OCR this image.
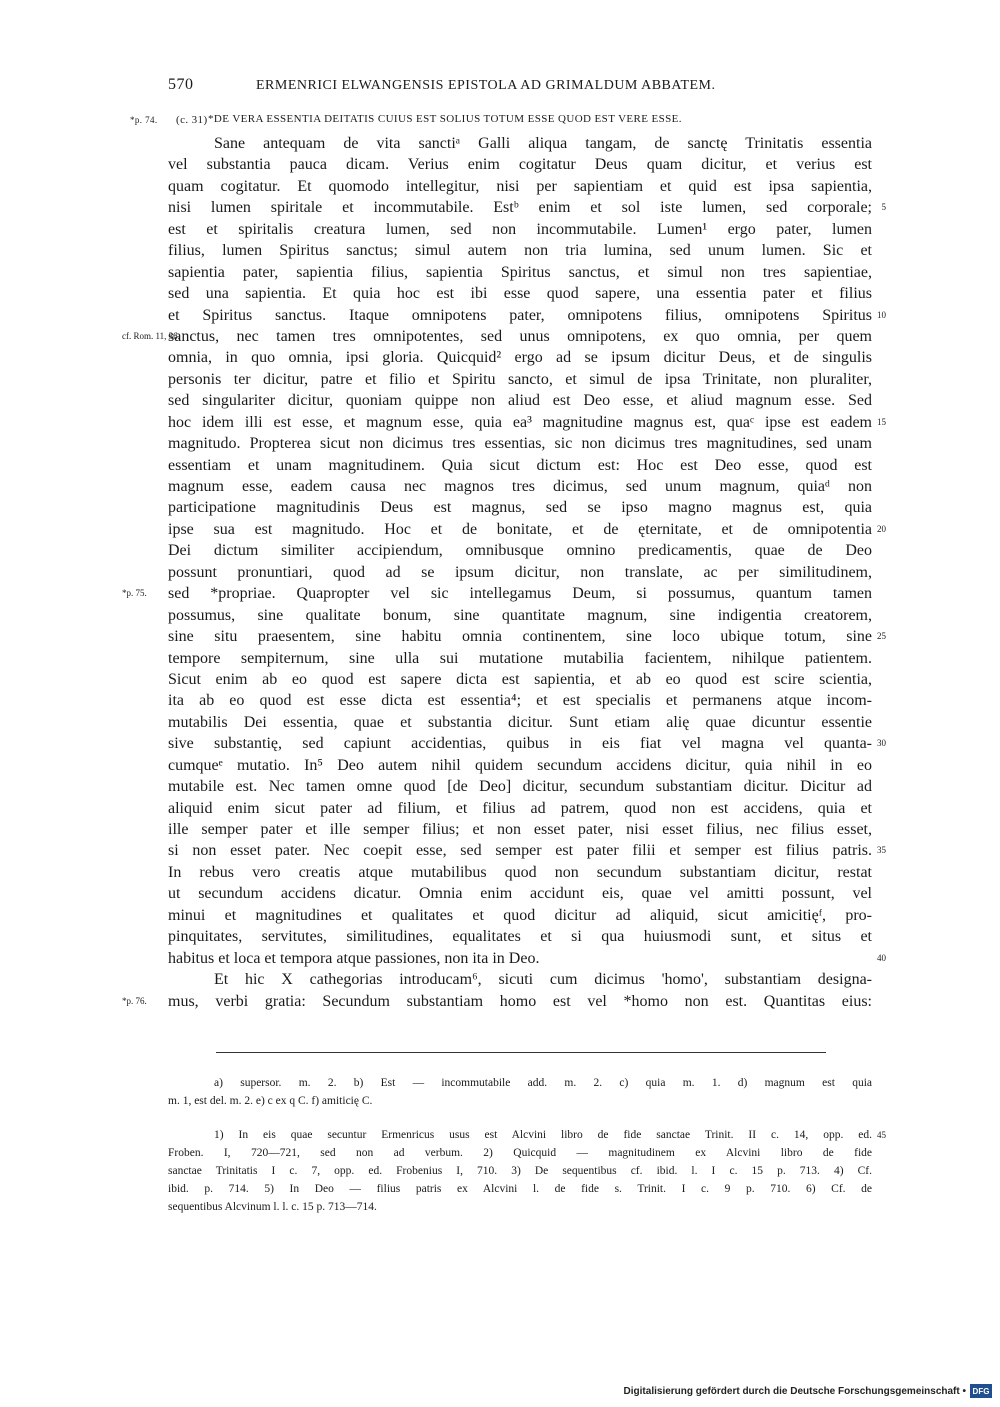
570	ERMENRICI ELWANGENSIS EPISTOLA AD GRIMALDUM ABBATEM.
*p. 74. (c. 31) *DE VERA ESSENTIA DEITATIS CUIUS EST SOLIUS TOTUM ESSE QUOD EST VERE ESSE.
Sane antequam de vita sanctiᵃ Galli aliqua tangam, de sanctę Trinitatis essentia
vel substantia pauca dicam. Verius enim cogitatur Deus quam dicitur, et verius est
quam cogitatur. Et quomodo intellegitur, nisi per sapientiam et quid est ipsa sapientia,
nisi lumen spiritale et incommutabile. Estᵇ enim et sol iste lumen, sed corporale;	5
est et spiritalis creatura lumen, sed non incommutabile. Lumen¹ ergo pater, lumen
filius, lumen Spiritus sanctus; simul autem non tria lumina, sed unum lumen. Sic et
sapientia pater, sapientia filius, sapientia Spiritus sanctus, et simul non tres sapientiae,
sed una sapientia. Et quia hoc est ibi esse quod sapere, una essentia pater et filius
et Spiritus sanctus. Itaque omnipotens pater, omnipotens filius, omnipotens Spiritus 10
sanctus, nec tamen tres omnipotentes, sed unus omnipotens, ex quo omnia, per quem
cf. Rom. 11, 36.
omnia, in quo omnia, ipsi gloria. Quicquid² ergo ad se ipsum dicitur Deus, et de singulis
personis ter dicitur, patre et filio et Spiritu sancto, et simul de ipsa Trinitate, non pluraliter,
sed singulariter dicitur, quoniam quippe non aliud est Deo esse, et aliud magnum esse. Sed
hoc idem illi est esse, et magnum esse, quia ea³ magnitudine magnus est, quaᶜ ipse est eadem 15
magnitudo. Propterea sicut non dicimus tres essentias, sic non dicimus tres magnitudines, sed unam
essentiam et unam magnitudinem. Quia sicut dictum est: Hoc est Deo esse, quod est
magnum esse, eadem causa nec magnos tres dicimus, sed unum magnum, quiaᵈ non
participatione magnitudinis Deus est magnus, sed se ipso magno magnus est, quia
ipse sua est magnitudo. Hoc et de bonitate, et de ęternitate, et de omnipotentia 20
Dei dictum similiter accipiendum, omnibusque omnino predicamentis, quae de Deo
possunt pronuntiari, quod ad se ipsum dicitur, non translate, ac per similitudinem,
sed *propriae. Quapropter vel sic intellegamus Deum, si possumus, quantum tamen
*p. 75.
possumus, sine qualitate bonum, sine quantitate magnum, sine indigentia creatorem,
sine situ praesentem, sine habitu omnia continentem, sine loco ubique totum, sine 25
tempore sempiternum, sine ulla sui mutatione mutabilia facientem, nihilque patientem.
Sicut enim ab eo quod est sapere dicta est sapientia, et ab eo quod est scire scientia,
ita ab eo quod est esse dicta est essentia⁴; et est specialis et permanens atque incom-
mutabilis Dei essentia, quae et substantia dicitur. Sunt etiam alię quae dicuntur essentie
sive substantię, sed capiunt accidentias, quibus in eis fiat vel magna vel quanta- 30
cumqueᵉ mutatio. In⁵ Deo autem nihil quidem secundum accidens dicitur, quia nihil in eo
mutabile est. Nec tamen omne quod [de Deo] dicitur, secundum substantiam dicitur. Dicitur ad
aliquid enim sicut pater ad filium, et filius ad patrem, quod non est accidens, quia et
ille semper pater et ille semper filius; et non esset pater, nisi esset filius, nec filius esset,
si non esset pater. Nec coepit esse, sed semper est pater filii et semper est filius patris. 35
In rebus vero creatis atque mutabilibus quod non secundum substantiam dicitur, restat
ut secundum accidens dicatur. Omnia enim accidunt eis, quae vel amitti possunt, vel
minui et magnitudines et qualitates et quod dicitur ad aliquid, sicut amicitięᶠ, pro-
pinquitates, servitutes, similitudines, equalitates et si qua huiusmodi sunt, et situs et
habitus et loca et tempora atque passiones, non ita in Deo.	40
Et hic X cathegorias introducam⁶, sicuti cum dicimus 'homo', substantiam designa-
mus, verbi gratia: Secundum substantiam homo est vel *homo non est. Quantitas eius:
*p. 76.
a) supersor. m. 2. b) Est — incommutabile add. m. 2. c) quia m. 1. d) magnum est quia
m. 1, est del. m. 2. e) c ex q C. f) amiticię C.
1) In eis quae secuntur Ermenricus usus est Alcvini libro de fide sanctae Trinit. II c. 14, opp. ed. 45
Froben. I, 720—721, sed non ad verbum. 2) Quicquid — magnitudinem ex Alcvini libro de fide
sanctae Trinitatis I c. 7, opp. ed. Frobenius I, 710. 3) De sequentibus cf. ibid. l. I c. 15 p. 713. 4) Cf.
ibid. p. 714. 5) In Deo — filius patris ex Alcvini l. de fide s. Trinit. I c. 9 p. 710. 6) Cf. de
sequentibus Alcvinum l. l. c. 15 p. 713—714.
Digitalisierung gefördert durch die Deutsche Forschungsgemeinschaft • DFG
